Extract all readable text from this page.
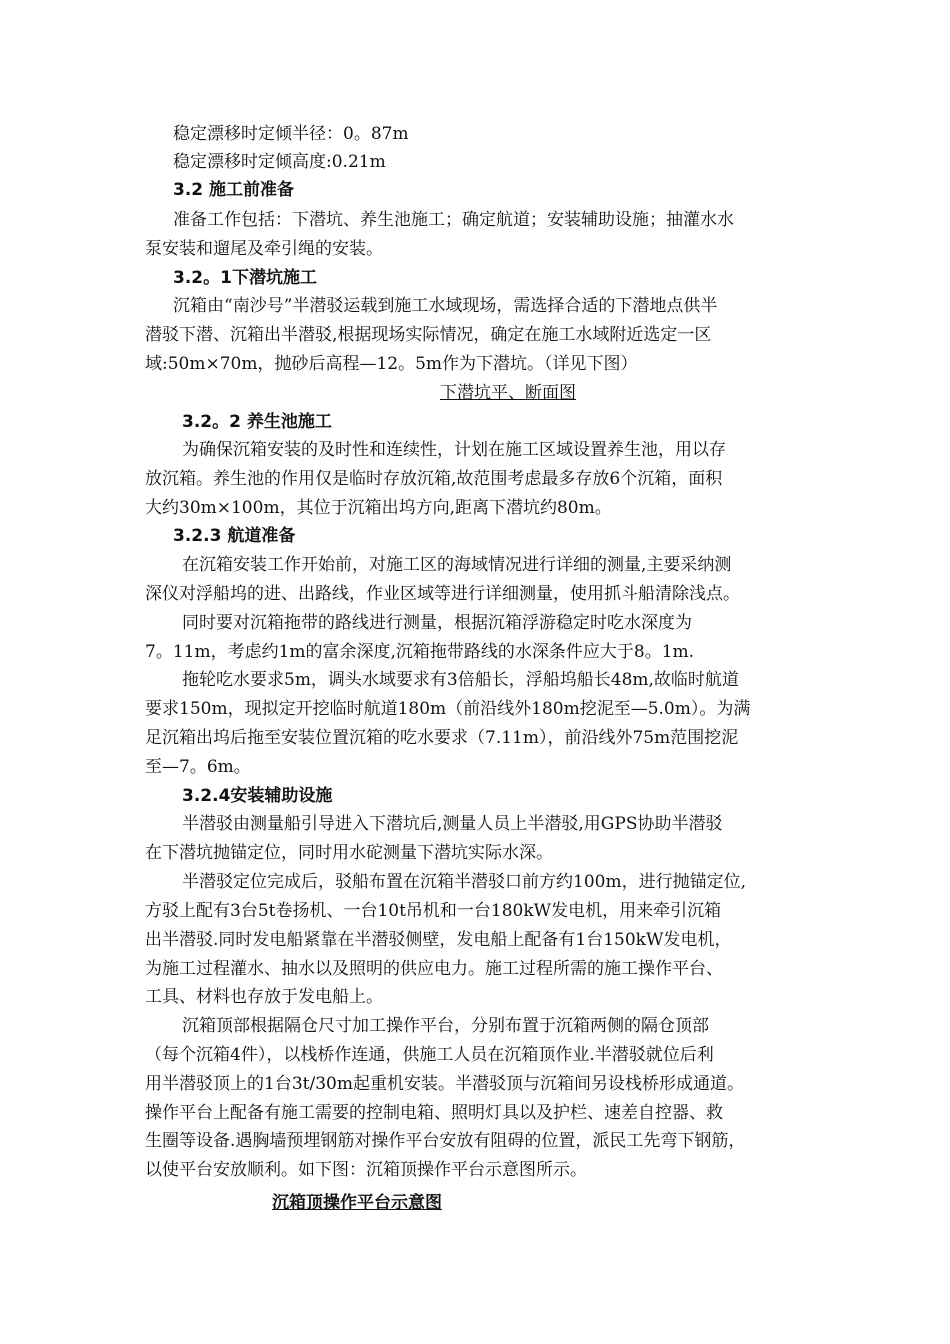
稳定漂移时定倾半径：0。87m
稳定漂移时定倾高度:0.21m
3.2 施工前准备
准备工作包括：下潜坑、养生池施工；确定航道；安装辅助设施；抽灌水水
泵安装和遛尾及牵引绳的安装。
3.2。1下潜坑施工
沉箱由“南沙号”半潜驳运载到施工水域现场，需选择合适的下潜地点供半
潜驳下潜、沉箱出半潜驳,根据现场实际情况，确定在施工水域附近选定一区
域:50m×70m，抛砂后高程—12。5m作为下潜坑。（详见下图）
下潜坑平、断面图
3.2。2 养生池施工
为确保沉箱安装的及时性和连续性，计划在施工区域设置养生池，用以存
放沉箱。养生池的作用仅是临时存放沉箱,故范围考虑最多存放6个沉箱，面积
大约30m×100m，其位于沉箱出坞方向,距离下潜坑约80m。
3.2.3 航道准备
在沉箱安装工作开始前，对施工区的海域情况进行详细的测量,主要采纳测
深仪对浮船坞的进、出路线，作业区域等进行详细测量，使用抓斗船清除浅点。
同时要对沉箱拖带的路线进行测量，根据沉箱浮游稳定时吃水深度为
7。11m，考虑约1m的富余深度,沉箱拖带路线的水深条件应大于8。1m.
拖轮吃水要求5m，调头水域要求有3倍船长，浮船坞船长48m,故临时航道
要求150m，现拟定开挖临时航道180m（前沿线外180m挖泥至—5.0m）。为满
足沉箱出坞后拖至安装位置沉箱的吃水要求（7.11m），前沿线外75m范围挖泥
至—7。6m。
3.2.4安装辅助设施
半潜驳由测量船引导进入下潜坑后,测量人员上半潜驳,用GPS协助半潜驳
在下潜坑抛锚定位，同时用水砣测量下潜坑实际水深。
半潜驳定位完成后，驳船布置在沉箱半潜驳口前方约100m，进行抛锚定位,
方驳上配有3台5t卷扬机、一台10t吊机和一台180kW发电机，用来牵引沉箱
出半潜驳.同时发电船紧靠在半潜驳侧壁，发电船上配备有1台150kW发电机，
为施工过程灌水、抽水以及照明的供应电力。施工过程所需的施工操作平台、
工具、材料也存放于发电船上。
沉箱顶部根据隔仓尺寸加工操作平台，分别布置于沉箱两侧的隔仓顶部
（每个沉箱4件），以栈桥作连通，供施工人员在沉箱顶作业.半潜驳就位后利
用半潜驳顶上的1台3t/30m起重机安装。半潜驳顶与沉箱间另设栈桥形成通道。
操作平台上配备有施工需要的控制电箱、照明灯具以及护栏、速差自控器、救
生圈等设备.遇胸墙预埋钢筋对操作平台安放有阻碍的位置，派民工先弯下钢筋，
以使平台安放顺利。如下图：沉箱顶操作平台示意图所示。
沉箱顶操作平台示意图
